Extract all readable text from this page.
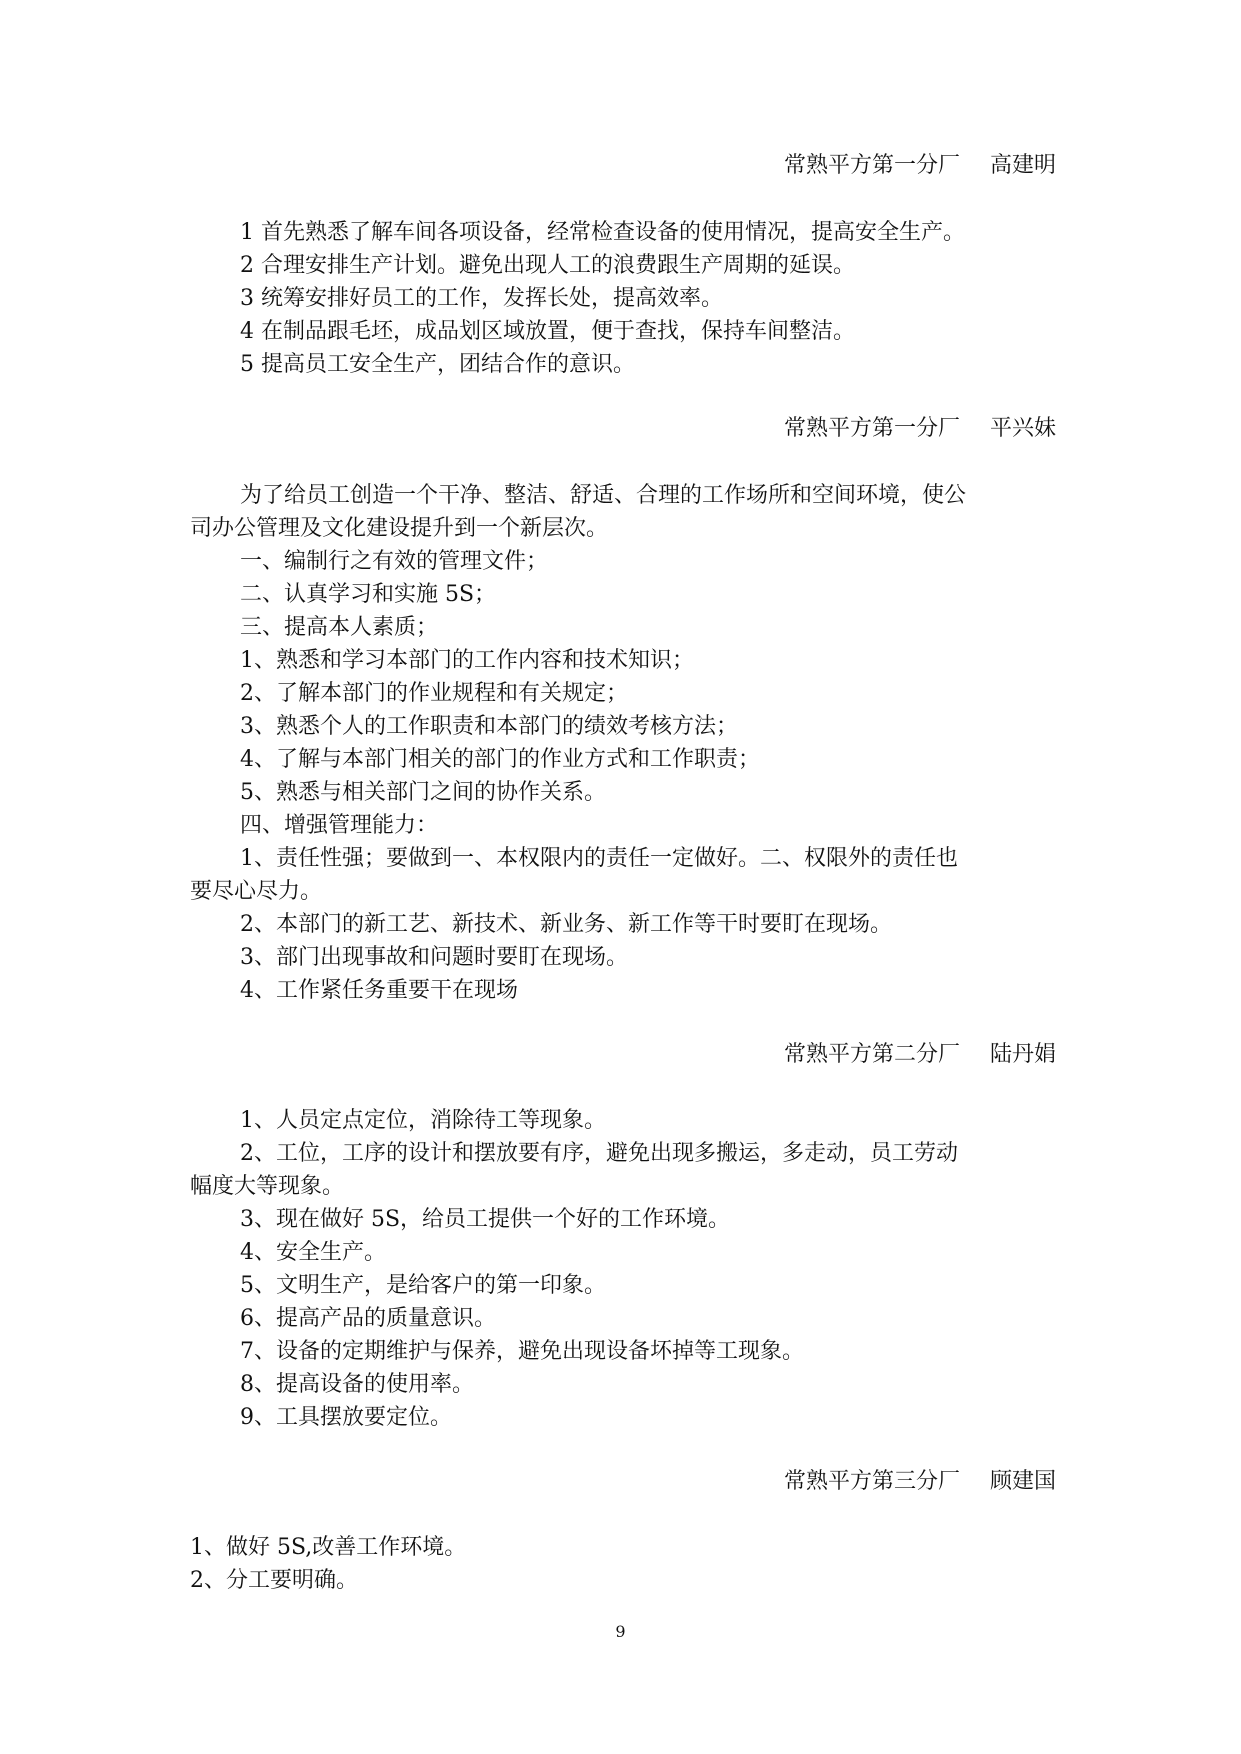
常熟平方第一分厂 高建明
1 首先熟悉了解车间各项设备，经常检查设备的使用情况，提高安全生产。
2 合理安排生产计划。避免出现人工的浪费跟生产周期的延误。
3 统筹安排好员工的工作，发挥长处，提高效率。
4 在制品跟毛坯，成品划区域放置，便于查找，保持车间整洁。
5 提高员工安全生产，团结合作的意识。
常熟平方第一分厂 平兴妹
为了给员工创造一个干净、整洁、舒适、合理的工作场所和空间环境，使公
司办公管理及文化建设提升到一个新层次。
一、编制行之有效的管理文件；
二、认真学习和实施 5S；
三、提高本人素质；
1、熟悉和学习本部门的工作内容和技术知识；
2、了解本部门的作业规程和有关规定；
3、熟悉个人的工作职责和本部门的绩效考核方法；
4、了解与本部门相关的部门的作业方式和工作职责；
5、熟悉与相关部门之间的协作关系。
四、增强管理能力：
1、责任性强；要做到一、本权限内的责任一定做好。二、权限外的责任也
要尽心尽力。
2、本部门的新工艺、新技术、新业务、新工作等干时要盯在现场。
3、部门出现事故和问题时要盯在现场。
4、工作紧任务重要干在现场
常熟平方第二分厂 陆丹娟
1、人员定点定位，消除待工等现象。
2、工位，工序的设计和摆放要有序，避免出现多搬运，多走动，员工劳动
幅度大等现象。
3、现在做好 5S，给员工提供一个好的工作环境。
4、安全生产。
5、文明生产，是给客户的第一印象。
6、提高产品的质量意识。
7、设备的定期维护与保养，避免出现设备坏掉等工现象。
8、提高设备的使用率。
9、工具摆放要定位。
常熟平方第三分厂 顾建国
1、做好 5S,改善工作环境。
2、分工要明确。
9
